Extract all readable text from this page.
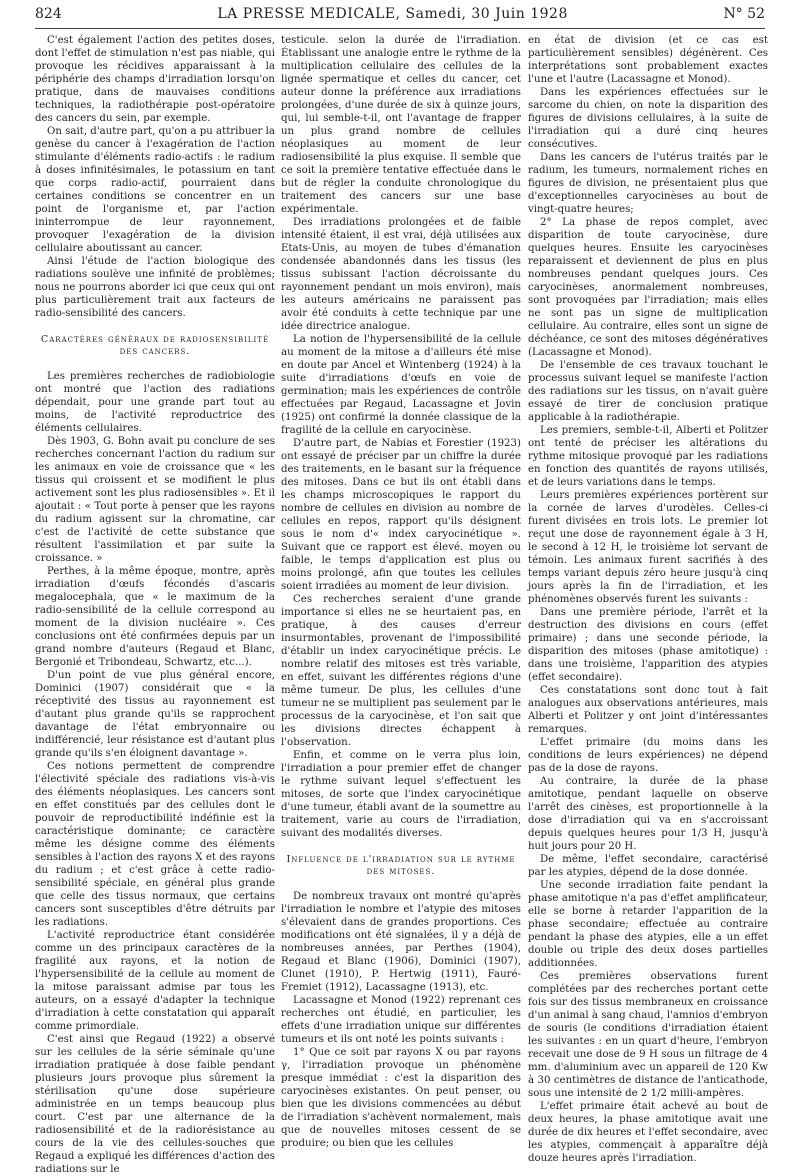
824	LA PRESSE MEDICALE, Samedi, 30 Juin 1928	N° 52

C'est également l'action des petites doses, dont l'effet de stimulation n'est pas niable, qui provoque les récidives apparaissant à la périphérie des champs d'irradiation lorsqu'on pratique, dans de mauvaises conditions techniques, la radiothérapie post-opératoire des cancers du sein, par exemple.

On sait, d'autre part, qu'on a pu attribuer la genèse du cancer à l'exagération de l'action stimulante d'éléments radio-actifs : le radium à doses infinitésimales, le potassium en tant que corps radio-actif, pourraient dans certaines conditions se concentrer en un point de l'organisme et, par l'action ininterrompue de leur rayonnement, provoquer l'exagération de la division cellulaire aboutissant au cancer.

Ainsi l'étude de l'action biologique des radiations soulève une infinité de problèmes; nous ne pourrons aborder ici que ceux qui ont plus particulièrement trait aux facteurs de radio-sensibilité des cancers.

Caractères généraux de radiosensibilité des cancers.

Les premières recherches de radiobiologie ont montré que l'action des radiations dépendait, pour une grande part tout au moins, de l'activité reproductrice des éléments cellulaires.

Dès 1903, G. Bohn avait pu conclure de ses recherches concernant l'action du radium sur les animaux en voie de croissance que « les tissus qui croissent et se modifient le plus activement sont les plus radiosensibles ». Et il ajoutait : « Tout porte à penser que les rayons du radium agissent sur la chromatine, car c'est de l'activité de cette substance que résultent l'assimilation et par suite la croissance. »

Perthes, à la même époque, montre, après irradiation d'œufs fécondés d'ascaris megalocephala, que « le maximum de la radio-sensibilité de la cellule correspond au moment de la division nucléaire ». Ces conclusions ont été confirmées depuis par un grand nombre d'auteurs (Regaud et Blanc, Bergonié et Tribondeau, Schwartz, etc...).

D'un point de vue plus général encore, Dominici (1907) considérait que « la réceptivité des tissus au rayonnement est d'autant plus grande qu'ils se rapprochent davantage de l'état embryonnaire ou indifférencié, leur résistance est d'autant plus grande qu'ils s'en éloignent davantage ».

Ces notions permettent de comprendre l'électivité spéciale des radiations vis-à-vis des éléments néoplasiques. Les cancers sont en effet constitués par des cellules dont le pouvoir de reproductibilité indéfinie est la caractéristique dominante; ce caractère même les désigne comme des éléments sensibles à l'action des rayons X et des rayons du radium ; et c'est grâce à cette radio-sensibilité spéciale, en général plus grande que celle des tissus normaux, que certains cancers sont susceptibles d'être détruits par les radiations.

L'activité reproductrice étant considérée comme un des principaux caractères de la fragilité aux rayons, et la notion de l'hypersensibilité de la cellule au moment de la mitose paraissant admise par tous les auteurs, on a essayé d'adapter la technique d'irradiation à cette constatation qui apparaît comme primordiale.

C'est ainsi que Regaud (1922) a observé sur les cellules de la série séminale qu'une irradiation pratiquée à dose faible pendant plusieurs jours provoque plus sûrement la stérilisation qu'une dose supérieure administrée en un temps beaucoup plus court. C'est par une alternance de la radiosensibilité et de la radiorésistance au cours de la vie des cellules-souches que Regaud a expliqué les différences d'action des radiations sur le

testicule. selon la durée de l'irradiation. Établissant une analogie entre le rythme de la multiplication cellulaire des cellules de la lignée spermatique et celles du cancer, cet auteur donne la préférence aux irradiations prolongées, d'une durée de six à quinze jours, qui, lui semble-t-il, ont l'avantage de frapper un plus grand nombre de cellules néoplasiques au moment de leur radiosensibilité la plus exquise. Il semble que ce soit la première tentative effectuée dans le but de régler la conduite chronologique du traitement des cancers sur une base expérimentale.

Des irradiations prolongées et de faible intensité étaient, il est vrai, déjà utilisées aux Etats-Unis, au moyen de tubes d'émanation condensée abandonnés dans les tissus (les tissus subissant l'action décroissante du rayonnement pendant un mois environ), mais les auteurs américains ne paraissent pas avoir été conduits à cette technique par une idée directrice analogue.

La notion de l'hypersensibilité de la cellule au moment de la mitose a d'ailleurs été mise en doute par Ancel et Wintenberg (1924) à la suite d'irradiations d'œufs en voie de germination; mais les expériences de contrôle effectuées par Regaud, Lacassagne et Jovin (1925) ont confirmé la donnée classique de la fragilité de la cellule en caryocinèse.

D'autre part, de Nabias et Forestier (1923) ont essayé de préciser par un chiffre la durée des traitements, en le basant sur la fréquence des mitoses. Dans ce but ils ont établi dans les champs microscopiques le rapport du nombre de cellules en division au nombre de cellules en repos, rapport qu'ils désignent sous le nom d'« index caryocinétique ». Suivant que ce rapport est élevé. moyen ou faible, le temps d'application est plus ou moins prolongé, afin que toutes les cellules soient irradiées au moment de leur division.

Ces recherches seraient d'une grande importance si elles ne se heurtaient pas, en pratique, à des causes d'erreur insurmontables, provenant de l'impossibilité d'établir un index caryocinétique précis. Le nombre relatif des mitoses est très variable, en effet, suivant les différentes régions d'une même tumeur. De plus, les cellules d'une tumeur ne se multiplient pas seulement par le processus de la caryocinèse, et l'on sait que les divisions directes échappent à l'observation.

Enfin, et comme on le verra plus loin, l'irradiation a pour premier effet de changer le rythme suivant lequel s'effectuent les mitoses, de sorte que l'index caryocinétique d'une tumeur, établi avant de la soumettre au traitement, varie au cours de l'irradiation, suivant des modalités diverses.

Influence de l'irradiation sur le rythme des mitoses.

De nombreux travaux ont montré qu'après l'irradiation le nombre et l'atypie des mitoses s'élevaient dans de grandes proportions. Ces modifications ont été signalées, il y a déjà de nombreuses années, par Perthes (1904), Regaud et Blanc (1906), Dominici (1907), Clunet (1910), P. Hertwig (1911), Fauré-Fremiet (1912), Lacassagne (1913), etc.

Lacassagne et Monod (1922) reprenant ces recherches ont étudié, en particulier, les effets d'une irradiation unique sur différentes tumeurs et ils ont noté les points suivants :

1° Que ce soit par rayons X ou par rayons γ, l'irradiation provoque un phénomène presque immédiat : c'est la disparition des caryocinèses existantes. On peut penser, ou bien que les divisions commencées au début de l'irradiation s'achèvent normalement, mais que de nouvelles mitoses cessent de se produire; ou bien que les cellules

en état de division (et ce cas est particulièrement sensibles) dégénèrent. Ces interprétations sont probablement exactes l'une et l'autre (Lacassagne et Monod).

Dans les expériences effectuées sur le sarcome du chien, on note la disparition des figures de divisions cellulaires, à la suite de l'irradiation qui a duré cinq heures consécutives.

Dans les cancers de l'utérus traités par le radium, les tumeurs, normalement riches en figures de division, ne présentaient plus que d'exceptionnelles caryocinèses au bout de vingt-quatre heures;

2° La phase de repos complet, avec disparition de toute caryocinèse, dure quelques heures. Ensuite les caryocinèses reparaissent et deviennent de plus en plus nombreuses pendant quelques jours. Ces caryocinèses, anormalement nombreuses, sont provoquées par l'irradiation; mais elles ne sont pas un signe de multiplication cellulaire. Au contraire, elles sont un signe de déchéance, ce sont des mitoses dégénératives (Lacassagne et Monod).

De l'ensemble de ces travaux touchant le processus suivant lequel se manifeste l'action des radiations sur les tissus, on n'avait guère essayé de tirer de conclusion pratique applicable à la radiothérapie.

Les premiers, semble-t-il, Alberti et Politzer ont tenté de préciser les altérations du rythme mitosique provoqué par les radiations en fonction des quantités de rayons utilisés, et de leurs variations dans le temps.

Leurs premières expériences portèrent sur la cornée de larves d'urodèles. Celles-ci furent divisées en trois lots. Le premier lot reçut une dose de rayonnement égale à 3 H, le second à 12 H, le troisième lot servant de témoin. Les animaux furent sacrifiés à des temps variant depuis zéro heure jusqu'à cinq jours après la fin de l'irradiation, et les phénomènes observés furent les suivants :

Dans une première période, l'arrêt et la destruction des divisions en cours (effet primaire) ; dans une seconde période, la disparition des mitoses (phase amitotique) : dans une troisième, l'apparition des atypies (effet secondaire).

Ces constatations sont donc tout à fait analogues aux observations antérieures, mais Alberti et Politzer y ont joint d'intéressantes remarques.

L'effet primaire (du moins dans les conditions de leurs expériences) ne dépend pas de la dose de rayons.

Au contraire, la durée de la phase amitotique, pendant laquelle on observe l'arrêt des cinèses, est proportionnelle à la dose d'irradiation qui va en s'accroissant depuis quelques heures pour 1/3 H, jusqu'à huit jours pour 20 H.

De même, l'effet secondaire, caractérisé par les atypies, dépend de la dose donnée.

Une seconde irradiation faite pendant la phase amitotique n'a pas d'effet amplificateur, elle se borne à retarder l'apparition de la phase secondaire; effectuée au contraire pendant la phase des atypies, elle a un effet double ou triple des deux doses partielles additionnées.

Ces premières observations furent complétées par des recherches portant cette fois sur des tissus membraneux en croissance d'un animal à sang chaud, l'amnios d'embryon de souris (le conditions d'irradiation étaient les suivantes : en un quart d'heure, l'embryon recevait une dose de 9 H sous un filtrage de 4 mm. d'aluminium avec un appareil de 120 Kw à 30 centimètres de distance de l'anticathode, sous une intensité de 2 1/2 milli-ampères.

L'effet primaire était achevé au bout de deux heures, la phase amitotique avait une durée de dix heures et l'effet secondaire, avec les atypies, commençait à apparaître déjà douze heures après l'irradiation.
